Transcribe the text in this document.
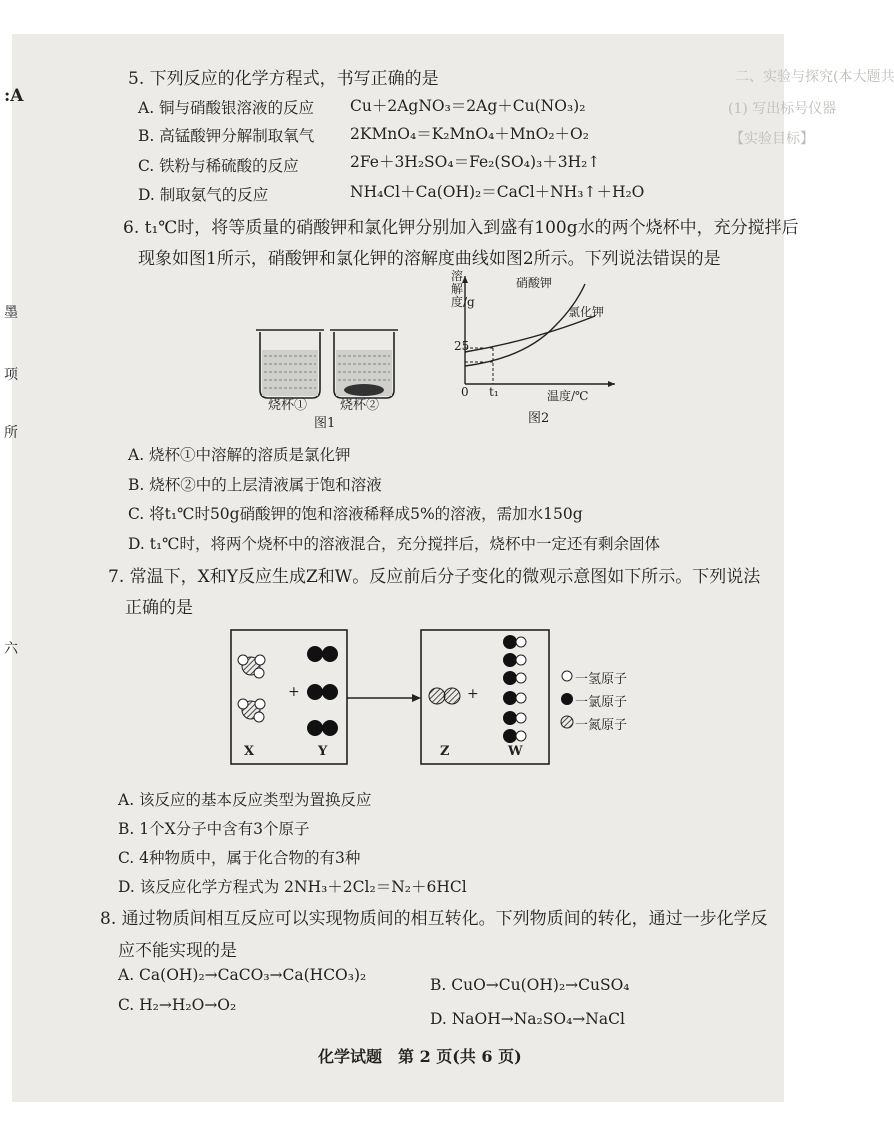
二、实验与探究(本大题共
(1) 写出标号仪器
【实验目标】
:A
墨
项
所
六
5. 下列反应的化学方程式，书写正确的是
A. 铜与硝酸银溶液的反应 Cu＋2AgNO₃＝2Ag＋Cu(NO₃)₂
B. 高锰酸钾分解制取氧气 2KMnO₄＝K₂MnO₄＋MnO₂＋O₂
C. 铁粉与稀硫酸的反应	2Fe＋3H₂SO₄＝Fe₂(SO₄)₃＋3H₂↑
D. 制取氨气的反应	NH₄Cl＋Ca(OH)₂＝CaCl＋NH₃↑＋H₂O
6. t₁℃时，将等质量的硝酸钾和氯化钾分别加入到盛有100g水的两个烧杯中，充分搅拌后
现象如图1所示，硝酸钾和氯化钾的溶解度曲线如图2所示。下列说法错误的是
烧杯①	烧杯②
图1
溶解度/g
25
0 t₁	温度/℃
硝酸钾
氯化钾
图2
A. 烧杯①中溶解的溶质是氯化钾
B. 烧杯②中的上层清液属于饱和溶液
C. 将t₁℃时50g硝酸钾的饱和溶液稀释成5%的溶液，需加水150g
D. t₁℃时，将两个烧杯中的溶液混合，充分搅拌后，烧杯中一定还有剩余固体
7. 常温下，X和Y反应生成Z和W。反应前后分子变化的微观示意图如下所示。下列说法
正确的是
+	+
X	Y	Z	W
一氢原子
一氯原子
一氮原子
A. 该反应的基本反应类型为置换反应
B. 1个X分子中含有3个原子
C. 4种物质中，属于化合物的有3种
D. 该反应化学方程式为 2NH₃＋2Cl₂＝N₂＋6HCl
8. 通过物质间相互反应可以实现物质间的相互转化。下列物质间的转化，通过一步化学反
应不能实现的是
A. Ca(OH)₂→CaCO₃→Ca(HCO₃)₂
B. CuO→Cu(OH)₂→CuSO₄
C. H₂→H₂O→O₂
D. NaOH→Na₂SO₄→NaCl
化学试题　第 2 页(共 6 页)
